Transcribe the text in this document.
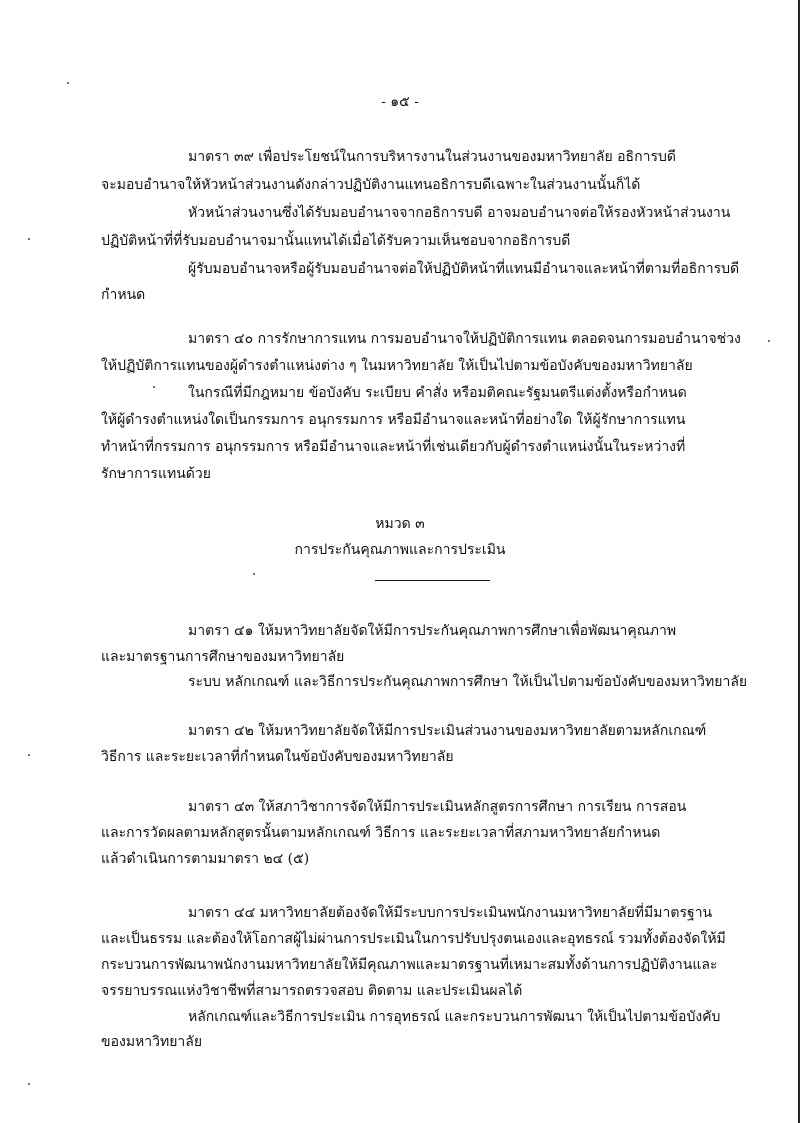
- ๑๕ -
มาตรา ๓๙ เพื่อประโยชน์ในการบริหารงานในส่วนงานของมหาวิทยาลัย อธิการบดี
จะมอบอำนาจให้หัวหน้าส่วนงานดังกล่าวปฏิบัติงานแทนอธิการบดีเฉพาะในส่วนงานนั้นก็ได้
หัวหน้าส่วนงานซึ่งได้รับมอบอำนาจจากอธิการบดี อาจมอบอำนาจต่อให้รองหัวหน้าส่วนงาน
ปฏิบัติหน้าที่ที่รับมอบอำนาจมานั้นแทนได้เมื่อได้รับความเห็นชอบจากอธิการบดี
ผู้รับมอบอำนาจหรือผู้รับมอบอำนาจต่อให้ปฏิบัติหน้าที่แทนมีอำนาจและหน้าที่ตามที่อธิการบดี
กำหนด
มาตรา ๔๐ การรักษาการแทน การมอบอำนาจให้ปฏิบัติการแทน ตลอดจนการมอบอำนาจช่วง
ให้ปฏิบัติการแทนของผู้ดำรงตำแหน่งต่าง ๆ ในมหาวิทยาลัย ให้เป็นไปตามข้อบังคับของมหาวิทยาลัย
ในกรณีที่มีกฎหมาย ข้อบังคับ ระเบียบ คำสั่ง หรือมติคณะรัฐมนตรีแต่งตั้งหรือกำหนด
ให้ผู้ดำรงตำแหน่งใดเป็นกรรมการ อนุกรรมการ หรือมีอำนาจและหน้าที่อย่างใด ให้ผู้รักษาการแทน
ทำหน้าที่กรรมการ อนุกรรมการ หรือมีอำนาจและหน้าที่เช่นเดียวกับผู้ดำรงตำแหน่งนั้นในระหว่างที่
รักษาการแทนด้วย
หมวด ๓
การประกันคุณภาพและการประเมิน
มาตรา ๔๑ ให้มหาวิทยาลัยจัดให้มีการประกันคุณภาพการศึกษาเพื่อพัฒนาคุณภาพ
และมาตรฐานการศึกษาของมหาวิทยาลัย
ระบบ หลักเกณฑ์ และวิธีการประกันคุณภาพการศึกษา ให้เป็นไปตามข้อบังคับของมหาวิทยาลัย
มาตรา ๔๒ ให้มหาวิทยาลัยจัดให้มีการประเมินส่วนงานของมหาวิทยาลัยตามหลักเกณฑ์
วิธีการ และระยะเวลาที่กำหนดในข้อบังคับของมหาวิทยาลัย
มาตรา ๔๓ ให้สภาวิชาการจัดให้มีการประเมินหลักสูตรการศึกษา การเรียน การสอน
และการวัดผลตามหลักสูตรนั้นตามหลักเกณฑ์ วิธีการ และระยะเวลาที่สภามหาวิทยาลัยกำหนด
แล้วดำเนินการตามมาตรา ๒๔ (๕)
มาตรา ๔๔ มหาวิทยาลัยต้องจัดให้มีระบบการประเมินพนักงานมหาวิทยาลัยที่มีมาตรฐาน
และเป็นธรรม และต้องให้โอกาสผู้ไม่ผ่านการประเมินในการปรับปรุงตนเองและอุทธรณ์ รวมทั้งต้องจัดให้มี
กระบวนการพัฒนาพนักงานมหาวิทยาลัยให้มีคุณภาพและมาตรฐานที่เหมาะสมทั้งด้านการปฏิบัติงานและ
จรรยาบรรณแห่งวิชาชีพที่สามารถตรวจสอบ ติดตาม และประเมินผลได้
หลักเกณฑ์และวิธีการประเมิน การอุทธรณ์ และกระบวนการพัฒนา ให้เป็นไปตามข้อบังคับ
ของมหาวิทยาลัย
